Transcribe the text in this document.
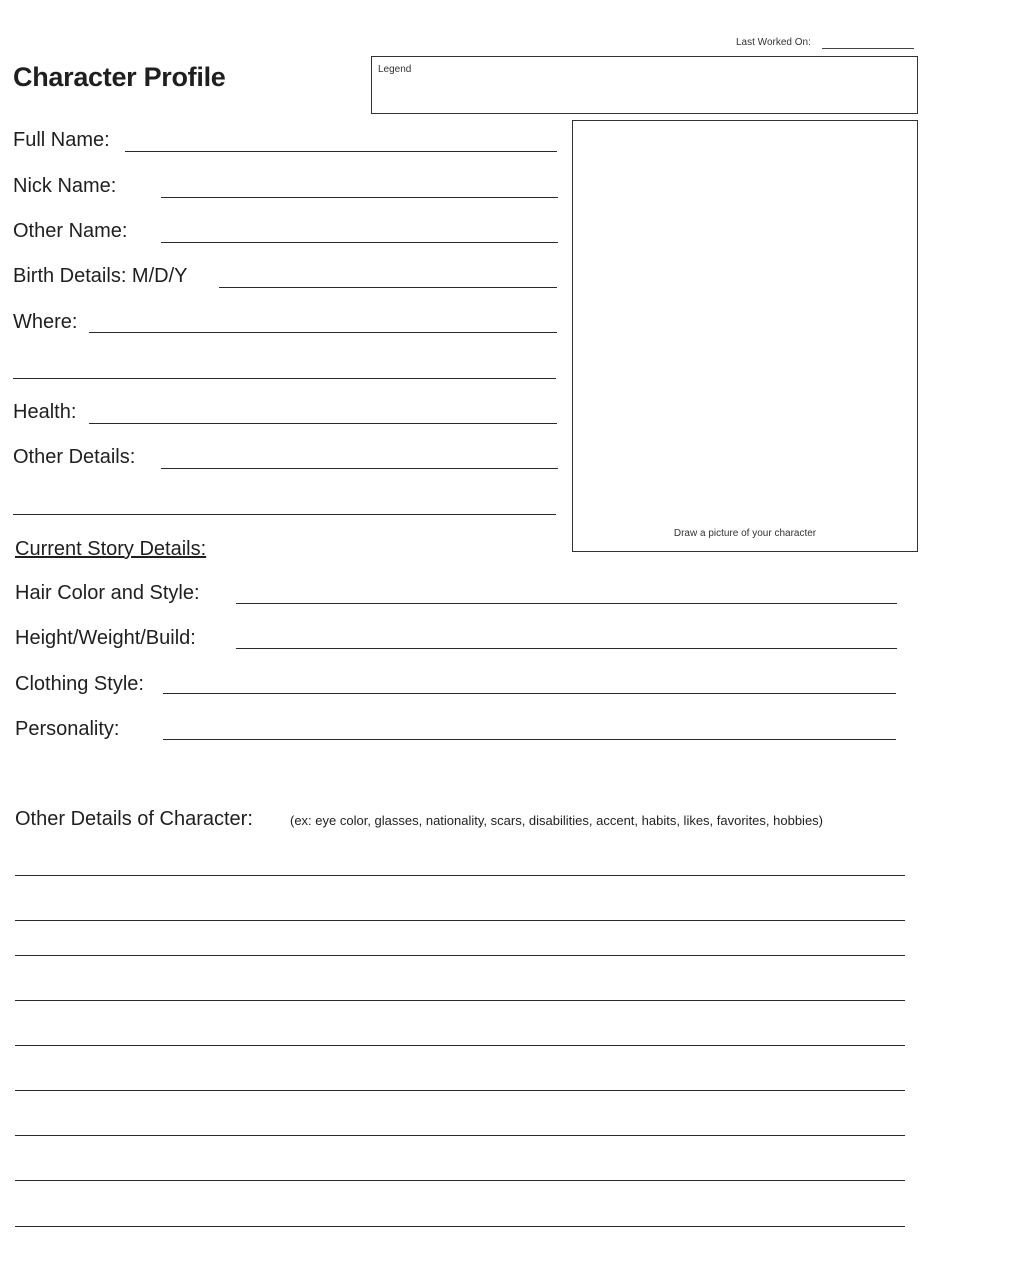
Character Profile
Last Worked On:
Legend
Draw a picture of your character
Full Name:
Nick Name:
Other Name:
Birth Details: M/D/Y
Where:
Health:
Other Details:
Current Story Details:
Hair Color and Style:
Height/Weight/Build:
Clothing Style:
Personality:
Other Details of Character:	(ex: eye color, glasses, nationality, scars, disabilities, accent, habits, likes, favorites, hobbies)
